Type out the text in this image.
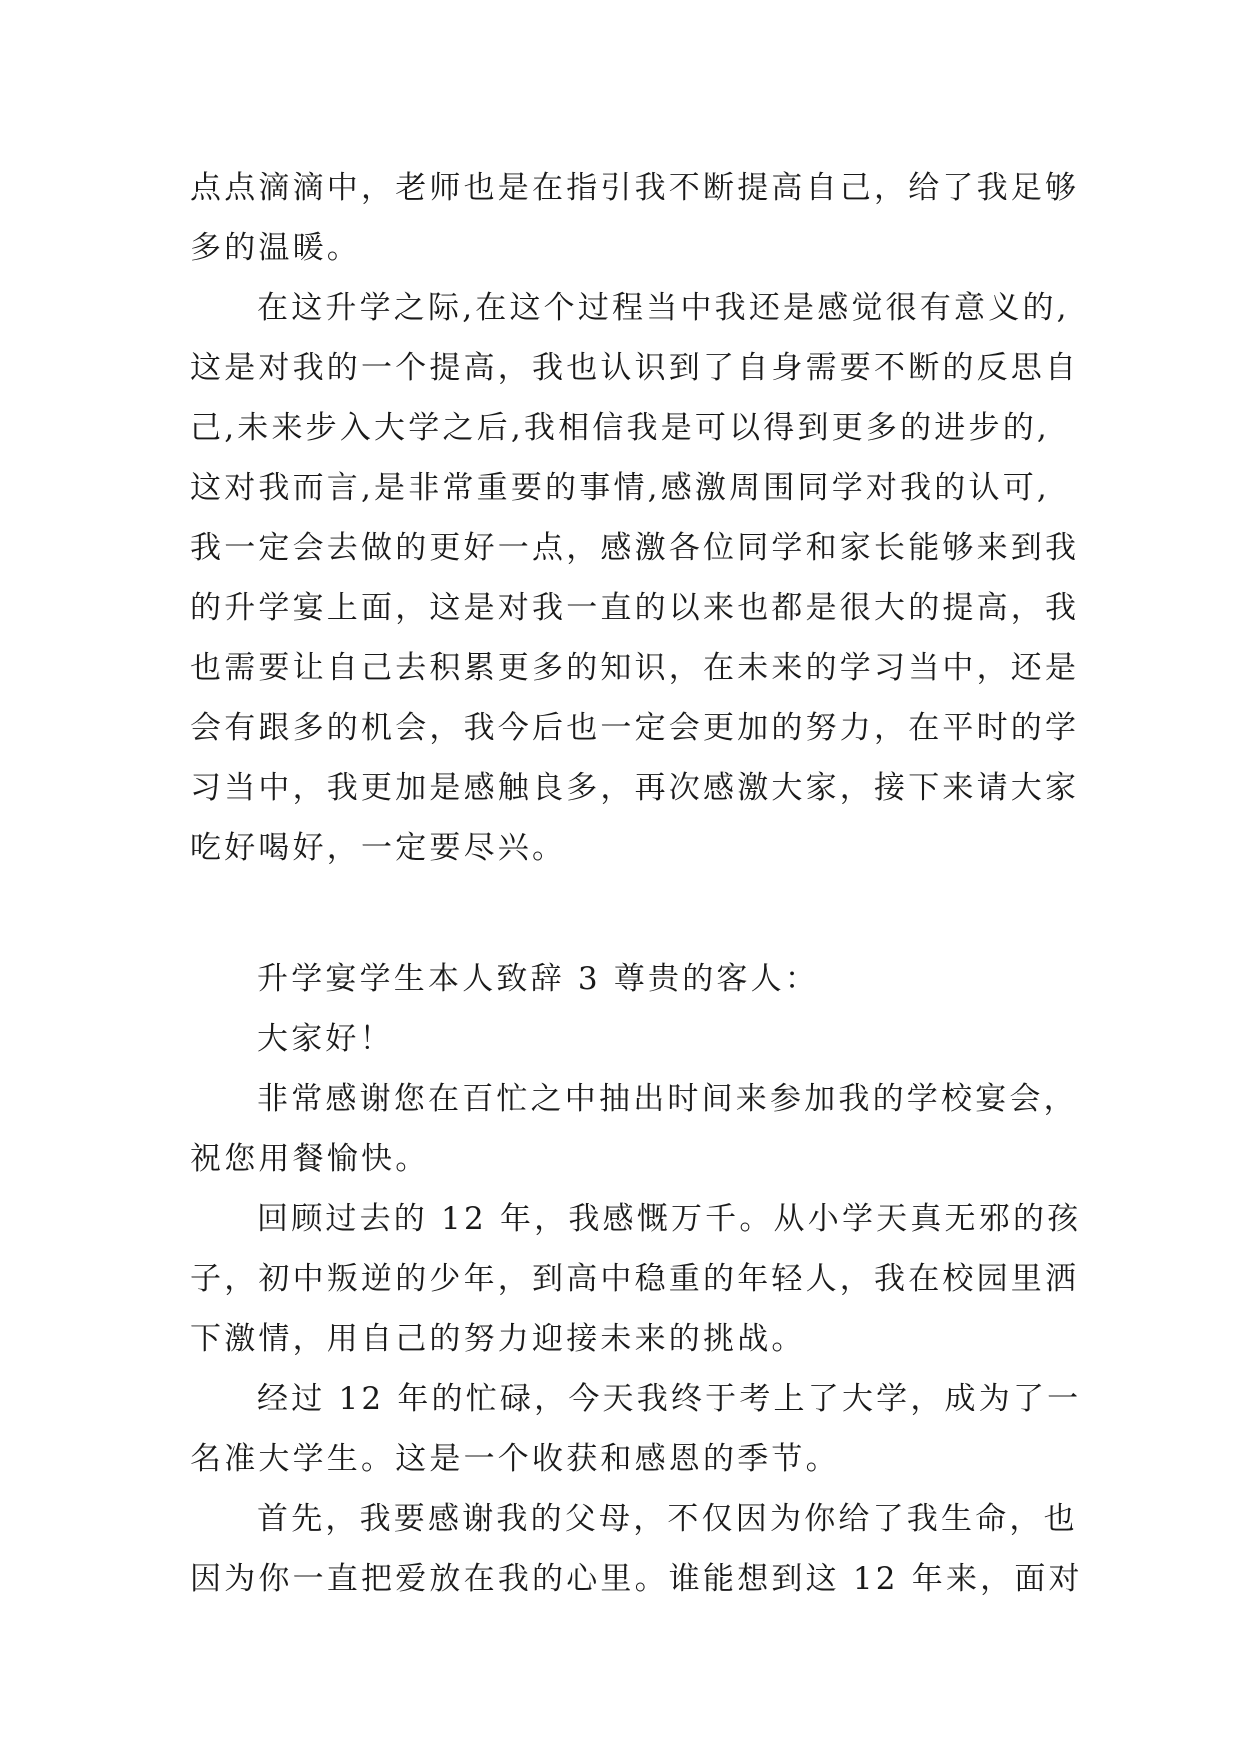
点点滴滴中，老师也是在指引我不断提高自己，给了我足够
多的温暖。
在这升学之际,在这个过程当中我还是感觉很有意义的,
这是对我的一个提高，我也认识到了自身需要不断的反思自
己,未来步入大学之后,我相信我是可以得到更多的进步的,
这对我而言,是非常重要的事情,感激周围同学对我的认可,
我一定会去做的更好一点，感激各位同学和家长能够来到我
的升学宴上面，这是对我一直的以来也都是很大的提高，我
也需要让自己去积累更多的知识，在未来的学习当中，还是
会有跟多的机会，我今后也一定会更加的努力，在平时的学
习当中，我更加是感触良多，再次感激大家，接下来请大家
吃好喝好，一定要尽兴。
升学宴学生本人致辞 3 尊贵的客人：
大家好！
非常感谢您在百忙之中抽出时间来参加我的学校宴会，
祝您用餐愉快。
回顾过去的 12 年，我感慨万千。从小学天真无邪的孩
子，初中叛逆的少年，到高中稳重的年轻人，我在校园里洒
下激情，用自己的努力迎接未来的挑战。
经过 12 年的忙碌，今天我终于考上了大学，成为了一
名准大学生。这是一个收获和感恩的季节。
首先，我要感谢我的父母，不仅因为你给了我生命，也
因为你一直把爱放在我的心里。谁能想到这 12 年来，面对
